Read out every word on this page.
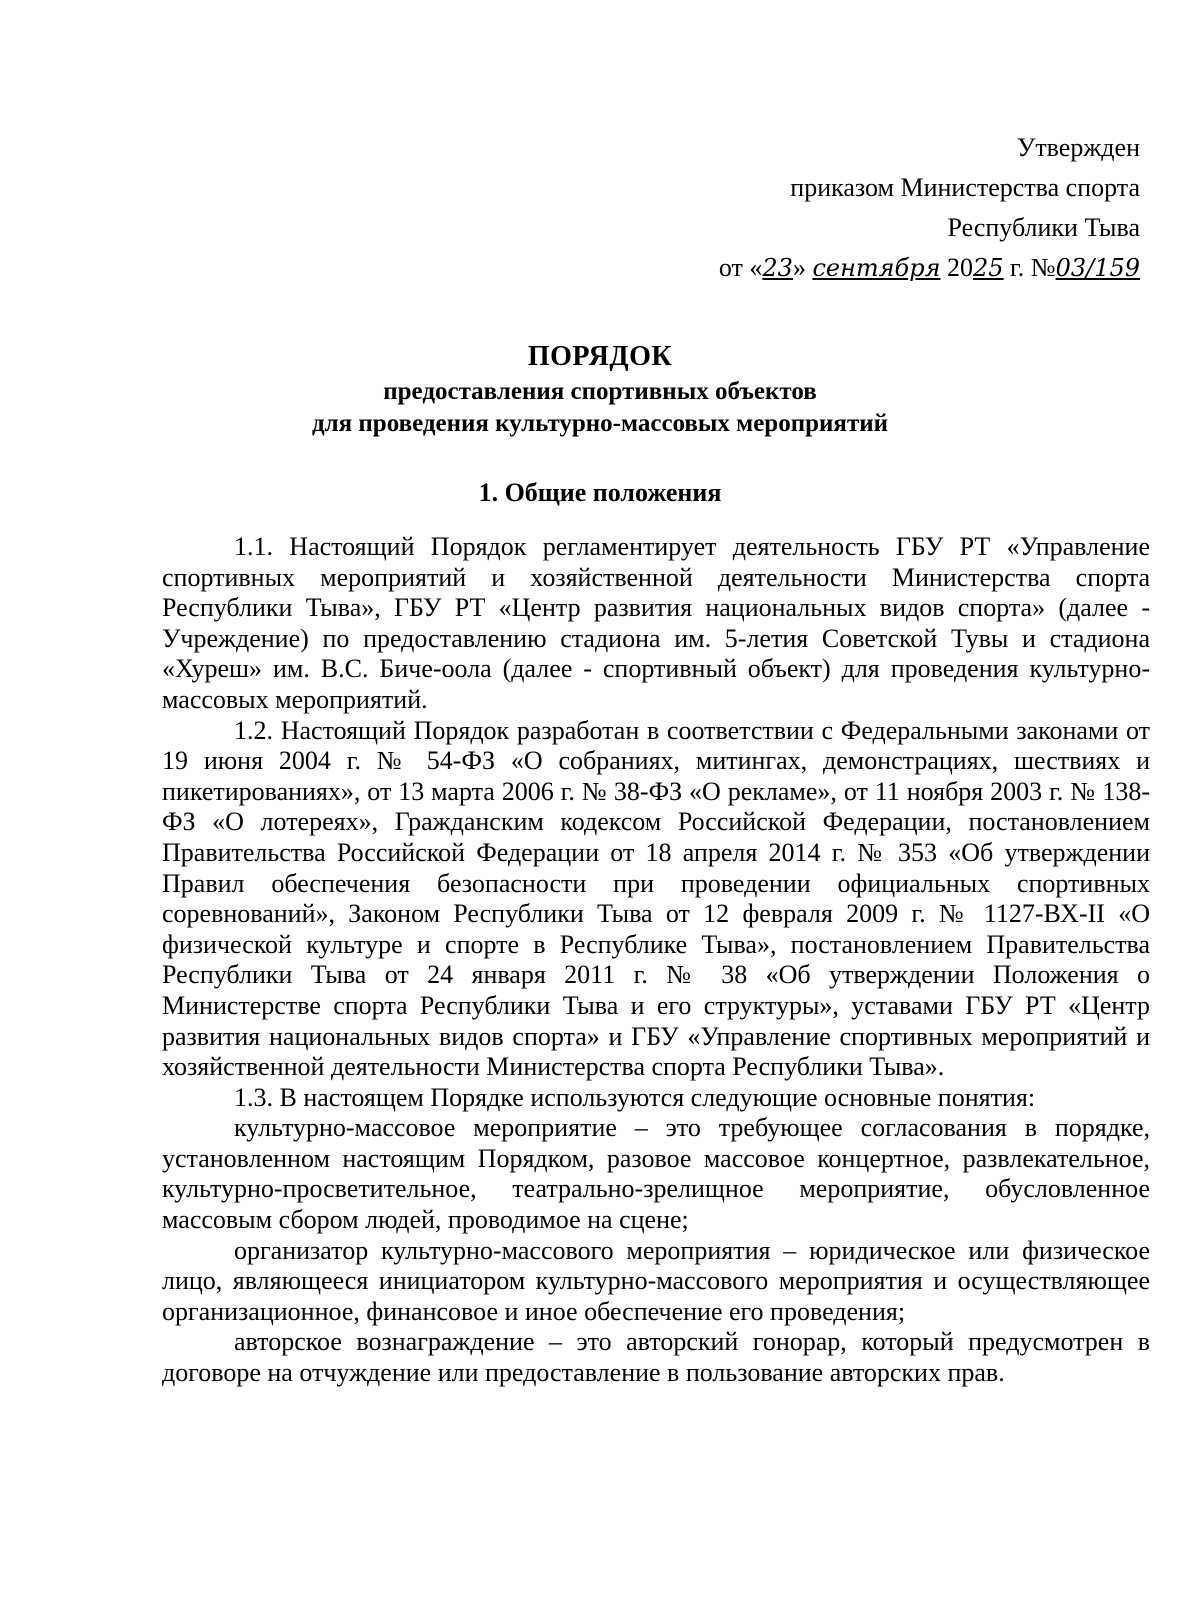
Утвержден
приказом Министерства спорта
Республики Тыва
от «23» сентября 2025 г. №03/159
ПОРЯДОК
предоставления спортивных объектов
для проведения культурно-массовых мероприятий
1. Общие положения

1.1. Настоящий Порядок регламентирует деятельность ГБУ РТ «Управление спортивных мероприятий и хозяйственной деятельности Министерства спорта Республики Тыва», ГБУ РТ «Центр развития национальных видов спорта» (далее - Учреждение) по предоставлению стадиона им. 5-летия Советской Тувы и стадиона «Хуреш» им. В.С. Биче-оола (далее - спортивный объект) для проведения культурно-массовых мероприятий.

1.2. Настоящий Порядок разработан в соответствии с Федеральными законами от 19 июня 2004 г. № 54-ФЗ «О собраниях, митингах, демонстрациях, шествиях и пикетированиях», от 13 марта 2006 г. № 38-ФЗ «О рекламе», от 11 ноября 2003 г. № 138-ФЗ «О лотереях», Гражданским кодексом Российской Федерации, постановлением Правительства Российской Федерации от 18 апреля 2014 г. № 353 «Об утверждении Правил обеспечения безопасности при проведении официальных спортивных соревнований», Законом Республики Тыва от 12 февраля 2009 г. № 1127-ВХ-II «О физической культуре и спорте в Республике Тыва», постановлением Правительства Республики Тыва от 24 января 2011 г. № 38 «Об утверждении Положения о Министерстве спорта Республики Тыва и его структуры», уставами ГБУ РТ «Центр развития национальных видов спорта» и ГБУ «Управление спортивных мероприятий и хозяйственной деятельности Министерства спорта Республики Тыва».

1.3. В настоящем Порядке используются следующие основные понятия:

культурно-массовое мероприятие – это требующее согласования в порядке, установленном настоящим Порядком, разовое массовое концертное, развлекательное, культурно-просветительное, театрально-зрелищное мероприятие, обусловленное массовым сбором людей, проводимое на сцене;

организатор культурно-массового мероприятия – юридическое или физическое лицо, являющееся инициатором культурно-массового мероприятия и осуществляющее организационное, финансовое и иное обеспечение его проведения;

авторское вознаграждение – это авторский гонорар, который предусмотрен в договоре на отчуждение или предоставление в пользование авторских прав.
